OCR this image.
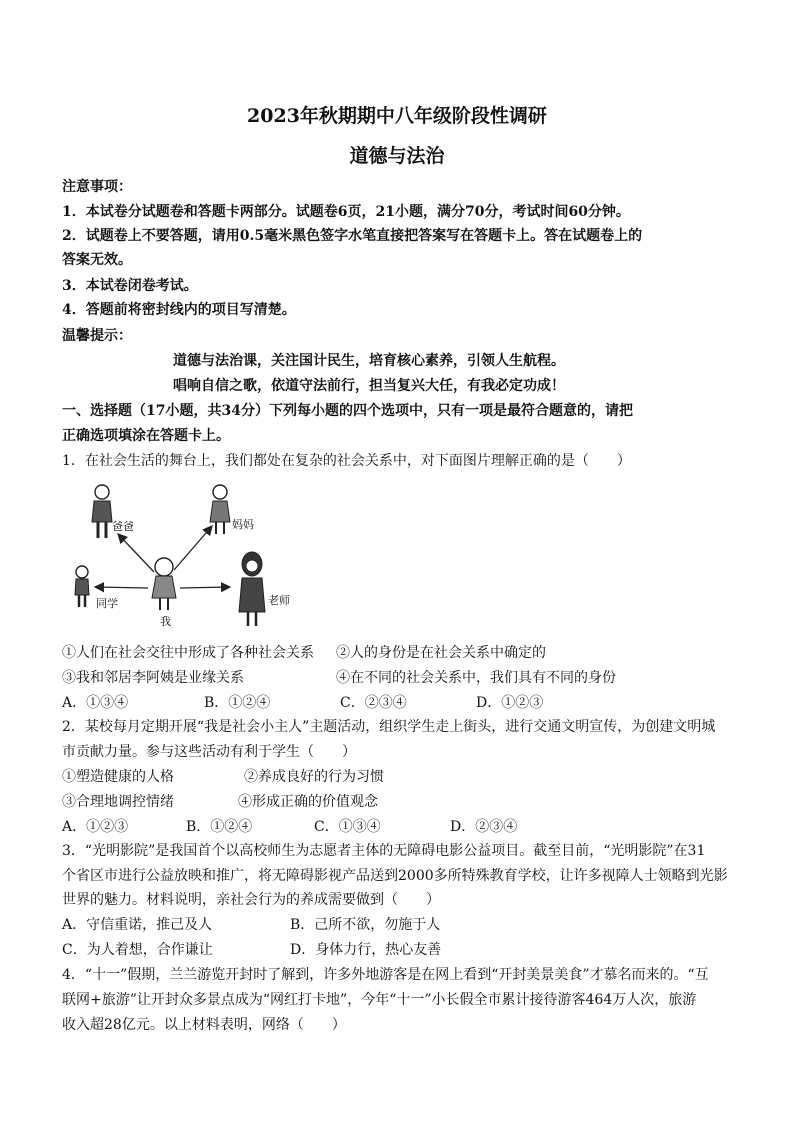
2023年秋期期中八年级阶段性调研
道德与法治
注意事项：
1．本试卷分试题卷和答题卡两部分。试题卷6页，21小题，满分70分，考试时间60分钟。
2．试题卷上不要答题，请用0.5毫米黑色签字水笔直接把答案写在答题卡上。答在试题卷上的
答案无效。
3．本试卷闭卷考试。
4．答题前将密封线内的项目写清楚。
温馨提示：
道德与法治课，关注国计民生，培育核心素养，引领人生航程。
唱响自信之歌，依道守法前行，担当复兴大任，有我必定功成！
一、选择题（17小题，共34分）下列每小题的四个选项中，只有一项是最符合题意的，请把
正确选项填涂在答题卡上。
1．在社会生活的舞台上，我们都处在复杂的社会关系中，对下面图片理解正确的是（　　）
爸爸	妈妈
同学
我
老师
①人们在社会交往中形成了各种社会关系 ②人的身份是在社会关系中确定的
③我和邻居李阿姨是业缘关系	④在不同的社会关系中，我们具有不同的身份
A．①③④	B．①②④	C．②③④	D．①②③
2．某校每月定期开展“我是社会小主人”主题活动，组织学生走上街头，进行交通文明宣传，为创建文明城
市贡献力量。参与这些活动有利于学生（　　）
①塑造健康的人格	②养成良好的行为习惯
③合理地调控情绪	④形成正确的价值观念
A．①②③	B．①②④	C．①③④	D．②③④
3．“光明影院”是我国首个以高校师生为志愿者主体的无障碍电影公益项目。截至目前，“光明影院”在31
个省区市进行公益放映和推广，将无障碍影视产品送到2000多所特殊教育学校，让许多视障人士领略到光影
世界的魅力。材料说明，亲社会行为的养成需要做到（　　）
A．守信重诺，推己及人	B．己所不欲，勿施于人
C．为人着想，合作谦让	D．身体力行，热心友善
4．“十一”假期，兰兰游览开封时了解到，许多外地游客是在网上看到“开封美景美食”才慕名而来的。“互
联网+旅游”让开封众多景点成为“网红打卡地”，今年“十一”小长假全市累计接待游客464万人次，旅游
收入超28亿元。以上材料表明，网络（　　）
